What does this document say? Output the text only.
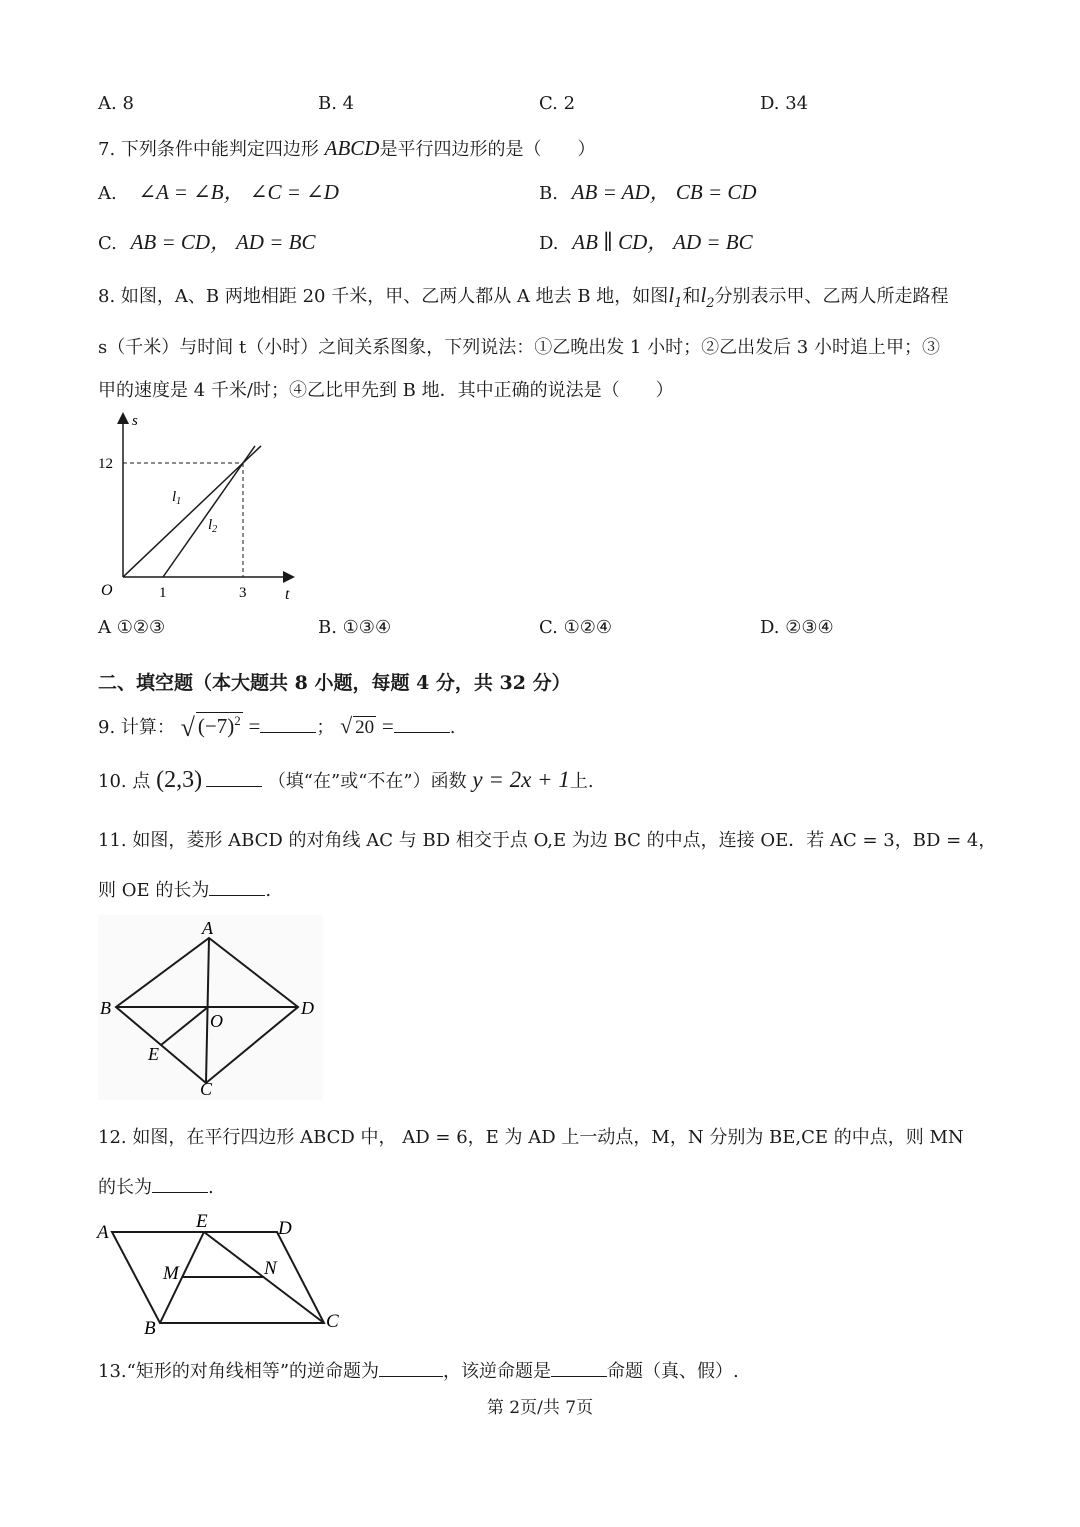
A. 8	B. 4	C. 2	D. 34
7. 下列条件中能判定四边形 ABCD是平行四边形的是（　　）
A. ∠A = ∠B， ∠C = ∠D	B. AB = AD， CB = CD
C. AB = CD， AD = BC	D. AB ∥ CD， AD = BC
8. 如图，A、B 两地相距 20 千米，甲、乙两人都从 A 地去 B 地，如图$l_1$和$l_2$分别表示甲、乙两人所走路程
s（千米）与时间 t（小时）之间关系图象，下列说法：①乙晚出发 1 小时；②乙出发后 3 小时追上甲；③
甲的速度是 4 千米/时；④乙比甲先到 B 地．其中正确的说法是（　　）
s
t
O
12
1	3
$l_1$
$l_2$
A ①②③	B. ①③④	C. ①②④	D. ②③④
二、填空题（本大题共 8 小题，每题 4 分，共 32 分）
9. 计算： √ $(-7)^2$ =	； √ 20 =	.
10. 点 (2,3)	（填“在”或“不在”）函数 y = 2x + 1上.
11. 如图，菱形 ABCD 的对角线 AC 与 BD 相交于点 O,E 为边 BC 的中点，连接 OE．若 AC = 3，BD = 4，
则 OE 的长为	.
A
B
C
D
O
E
12. 如图，在平行四边形 ABCD 中， AD = 6，E 为 AD 上一动点，M，N 分别为 BE,CE 的中点，则 MN
的长为	.
A
E	D
M	N
B	C
13.“矩形的对角线相等”的逆命题为	，该逆命题是	命题（真、假）.
第 2页/共 7页
